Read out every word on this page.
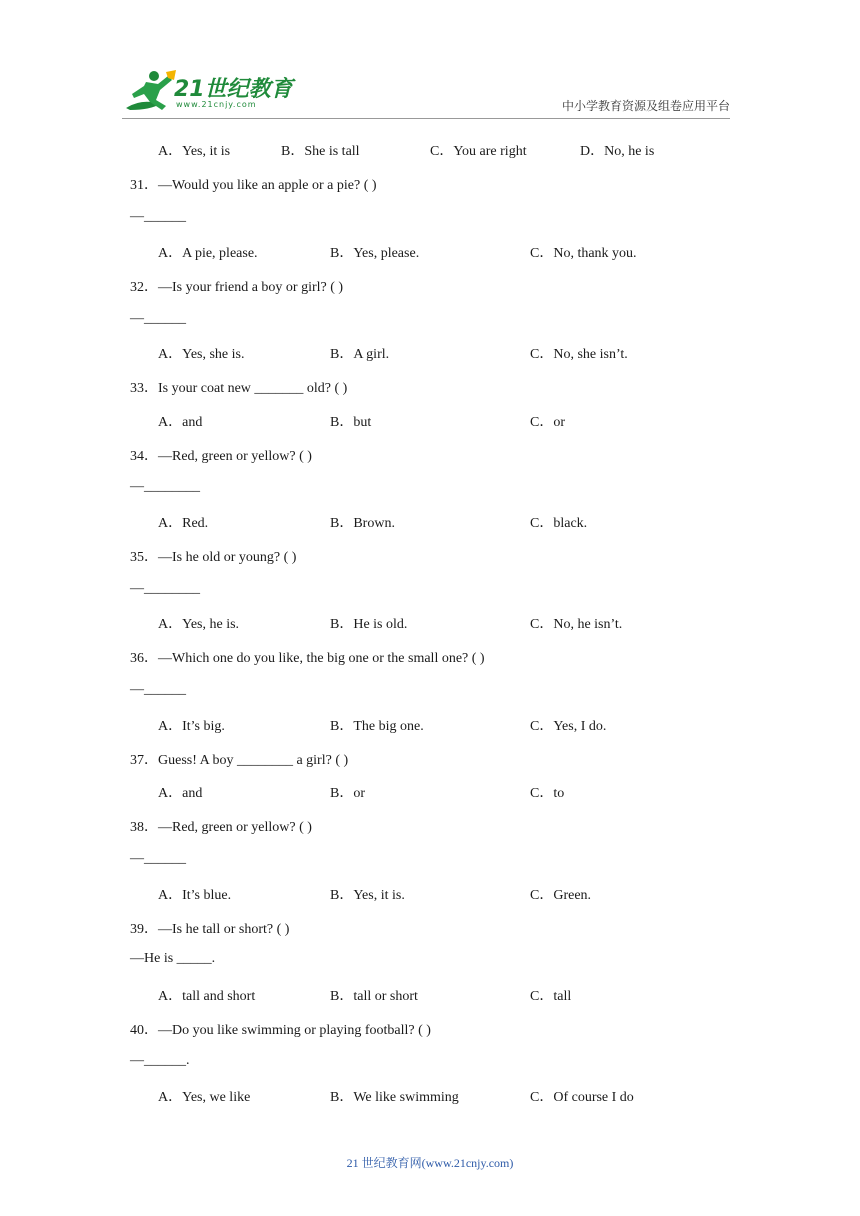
21世纪教育
www.21cnjy.com	中小学教育资源及组卷应用平台
A．Yes, it is	B．She is tall	C．You are right	D．No, he is
31．—Would you like an apple or a pie? ( )
—______
A．A pie, please.	B．Yes, please.	C．No, thank you.
32．—Is your friend a boy or girl? ( )
—______
A．Yes, she is.	B．A girl.	C．No, she isn’t.
33．Is your coat new _______ old? ( )
A．and	B．but	C．or
34．—Red, green or yellow? ( )
—________
A．Red.	B．Brown.	C．black.
35．—Is he old or young? ( )
—________
A．Yes, he is.	B．He is old.	C．No, he isn’t.
36．—Which one do you like, the big one or the small one? ( )
—______
A．It’s big.	B．The big one.	C．Yes, I do.
37．Guess! A boy ________ a girl? ( )
A．and	B．or	C．to
38．—Red, green or yellow? ( )
—______
A．It’s blue.	B．Yes, it is.	C．Green.
39．—Is he tall or short? ( )
—He is _____.
A．tall and short	B．tall or short	C．tall
40．—Do you like swimming or playing football? ( )
—______.
A．Yes, we like	B．We like swimming	C．Of course I do
21 世纪教育网(www.21cnjy.com)
